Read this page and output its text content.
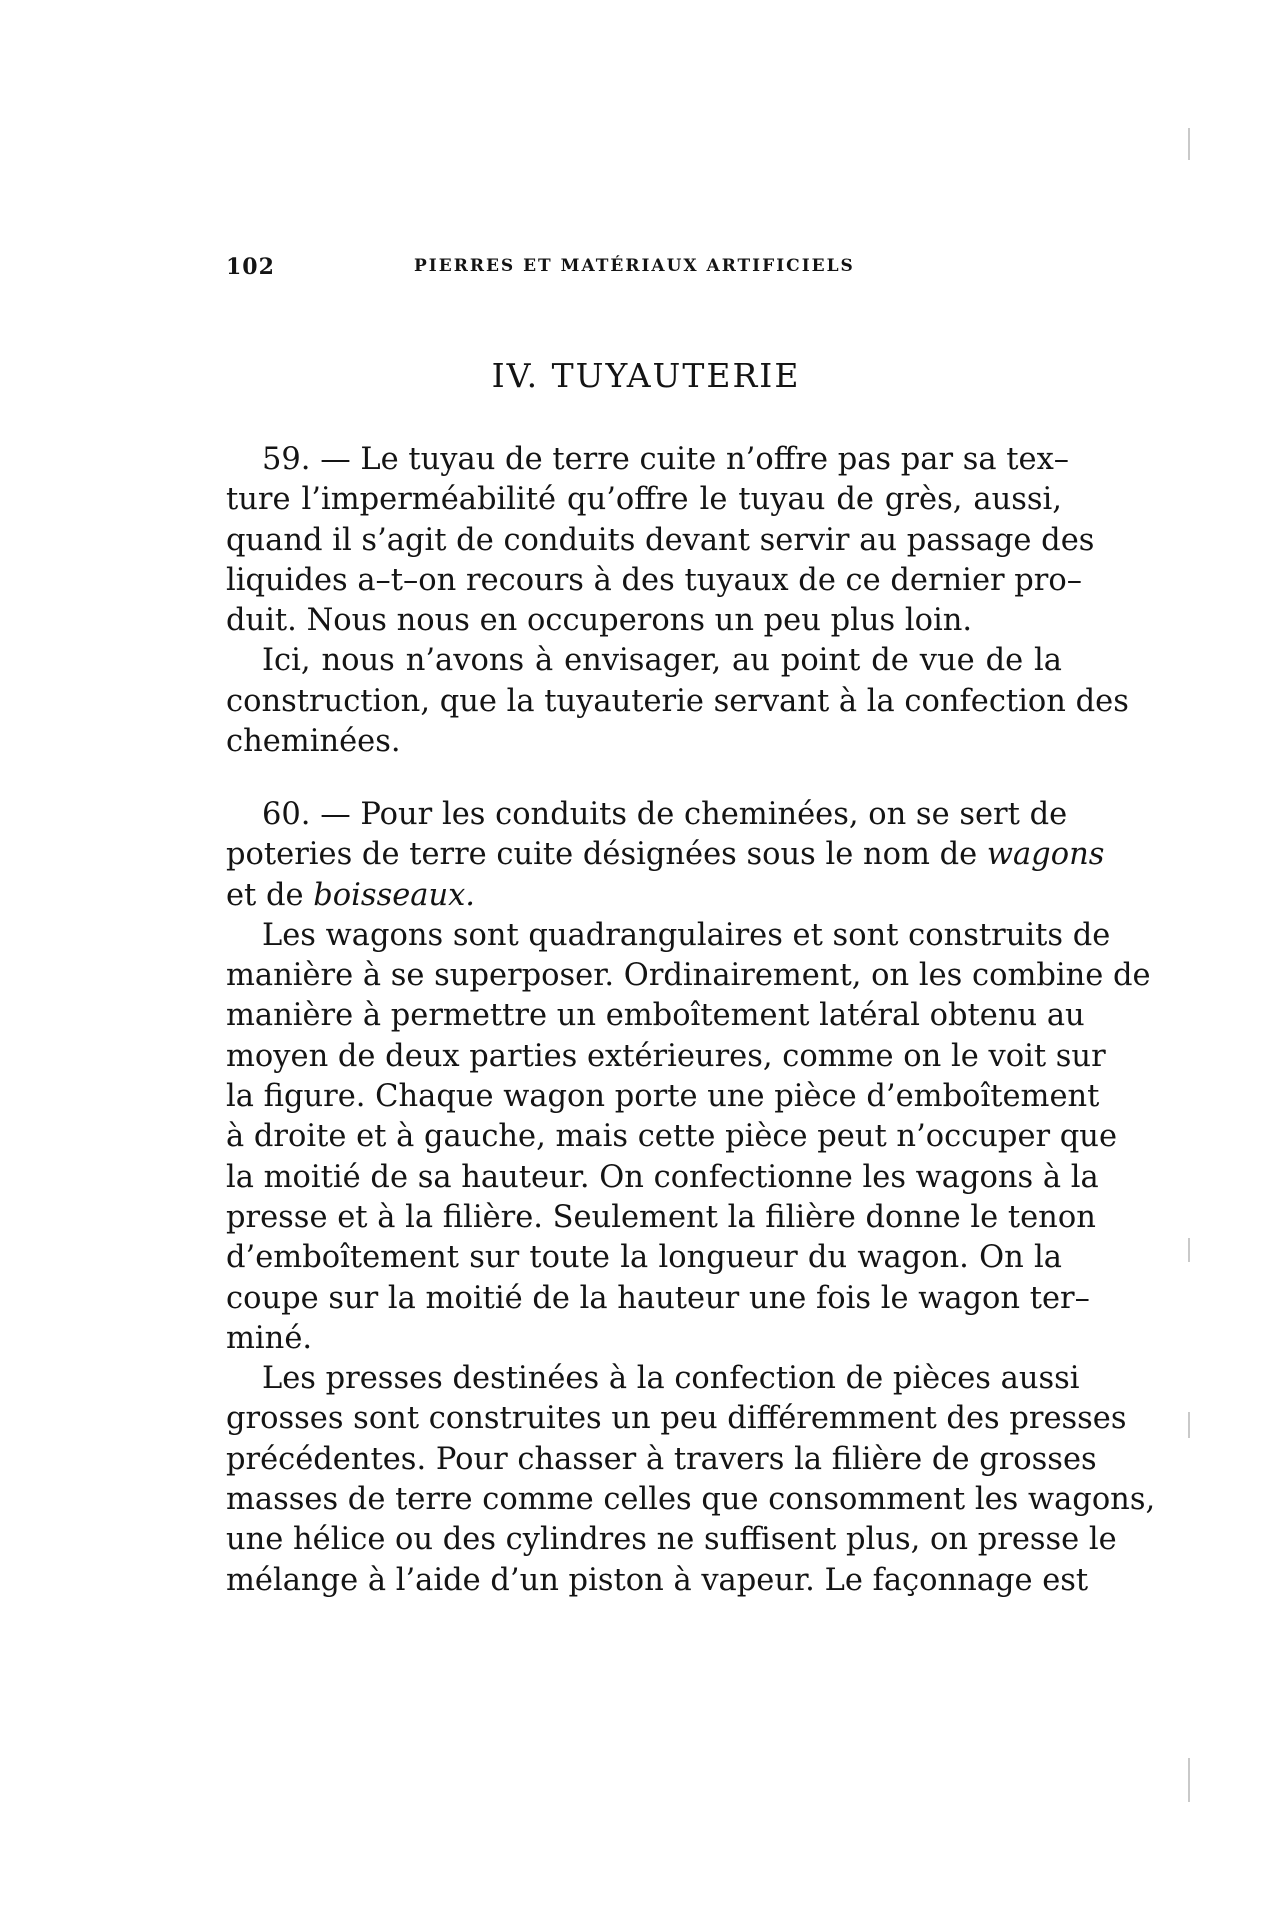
102	PIERRES ET MATÉRIAUX ARTIFICIELS
IV. TUYAUTERIE
59. — Le tuyau de terre cuite n’offre pas par sa tex–
ture l’imperméabilité qu’offre le tuyau de grès, aussi,
quand il s’agit de conduits devant servir au passage des
liquides a–t–on recours à des tuyaux de ce dernier pro–
duit. Nous nous en occuperons un peu plus loin.
Ici, nous n’avons à envisager, au point de vue de la
construction, que la tuyauterie servant à la confection des
cheminées.
60. — Pour les conduits de cheminées, on se sert de
poteries de terre cuite désignées sous le nom de wagons
et de boisseaux.
Les wagons sont quadrangulaires et sont construits de
manière à se superposer. Ordinairement, on les combine de
manière à permettre un emboîtement latéral obtenu au
moyen de deux parties extérieures, comme on le voit sur
la figure. Chaque wagon porte une pièce d’emboîtement
à droite et à gauche, mais cette pièce peut n’occuper que
la moitié de sa hauteur. On confectionne les wagons à la
presse et à la filière. Seulement la filière donne le tenon
d’emboîtement sur toute la longueur du wagon. On la
coupe sur la moitié de la hauteur une fois le wagon ter–
miné.
Les presses destinées à la confection de pièces aussi
grosses sont construites un peu différemment des presses
précédentes. Pour chasser à travers la filière de grosses
masses de terre comme celles que consomment les wagons,
une hélice ou des cylindres ne suffisent plus, on presse le
mélange à l’aide d’un piston à vapeur. Le façonnage est
